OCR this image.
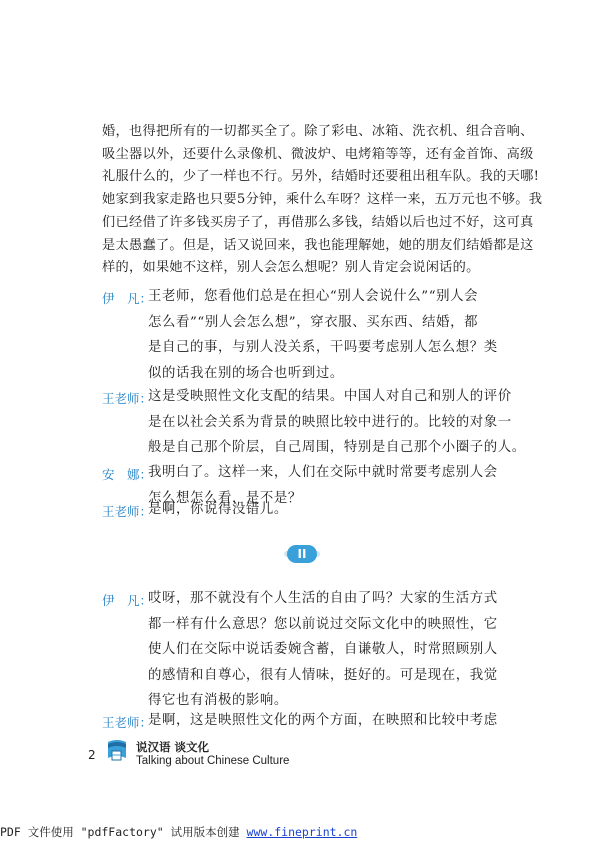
婚，也得把所有的一切都买全了。除了彩电、冰箱、洗衣机、组合音响、
吸尘器以外，还要什么录像机、微波炉、电烤箱等等，还有金首饰、高级
礼服什么的，少了一样也不行。另外，结婚时还要租出租车队。我的天哪!
她家到我家走路也只要5分钟，乘什么车呀？这样一来，五万元也不够。我
们已经借了许多钱买房子了，再借那么多钱，结婚以后也过不好，这可真
是太愚蠢了。但是，话又说回来，我也能理解她，她的朋友们结婚都是这
样的，如果她不这样，别人会怎么想呢？别人肯定会说闲话的。
伊　凡：
王老师，您看他们总是在担心“别人会说什么”“别人会
怎么看”“别人会怎么想”，穿衣服、买东西、结婚，都
是自己的事，与别人没关系，干吗要考虑别人怎么想？类
似的话我在别的场合也听到过。
王老师：
这是受映照性文化支配的结果。中国人对自己和别人的评价
是在以社会关系为背景的映照比较中进行的。比较的对象一
般是自己那个阶层，自己周围，特别是自己那个小圈子的人。
安　娜：
我明白了。这样一来，人们在交际中就时常要考虑别人会
怎么想怎么看，是不是？
王老师：
是啊，你说得没错儿。
II
伊　凡：
哎呀，那不就没有个人生活的自由了吗？大家的生活方式
都一样有什么意思？您以前说过交际文化中的映照性，它
使人们在交际中说话委婉含蓄，自谦敬人，时常照顾别人
的感情和自尊心，很有人情味，挺好的。可是现在，我觉
得它也有消极的影响。
王老师：
是啊，这是映照性文化的两个方面，在映照和比较中考虑
2
说汉语 谈文化
Talking about Chinese Culture
PDF 文件使用 "pdfFactory" 试用版本创建 www.fineprint.cn
